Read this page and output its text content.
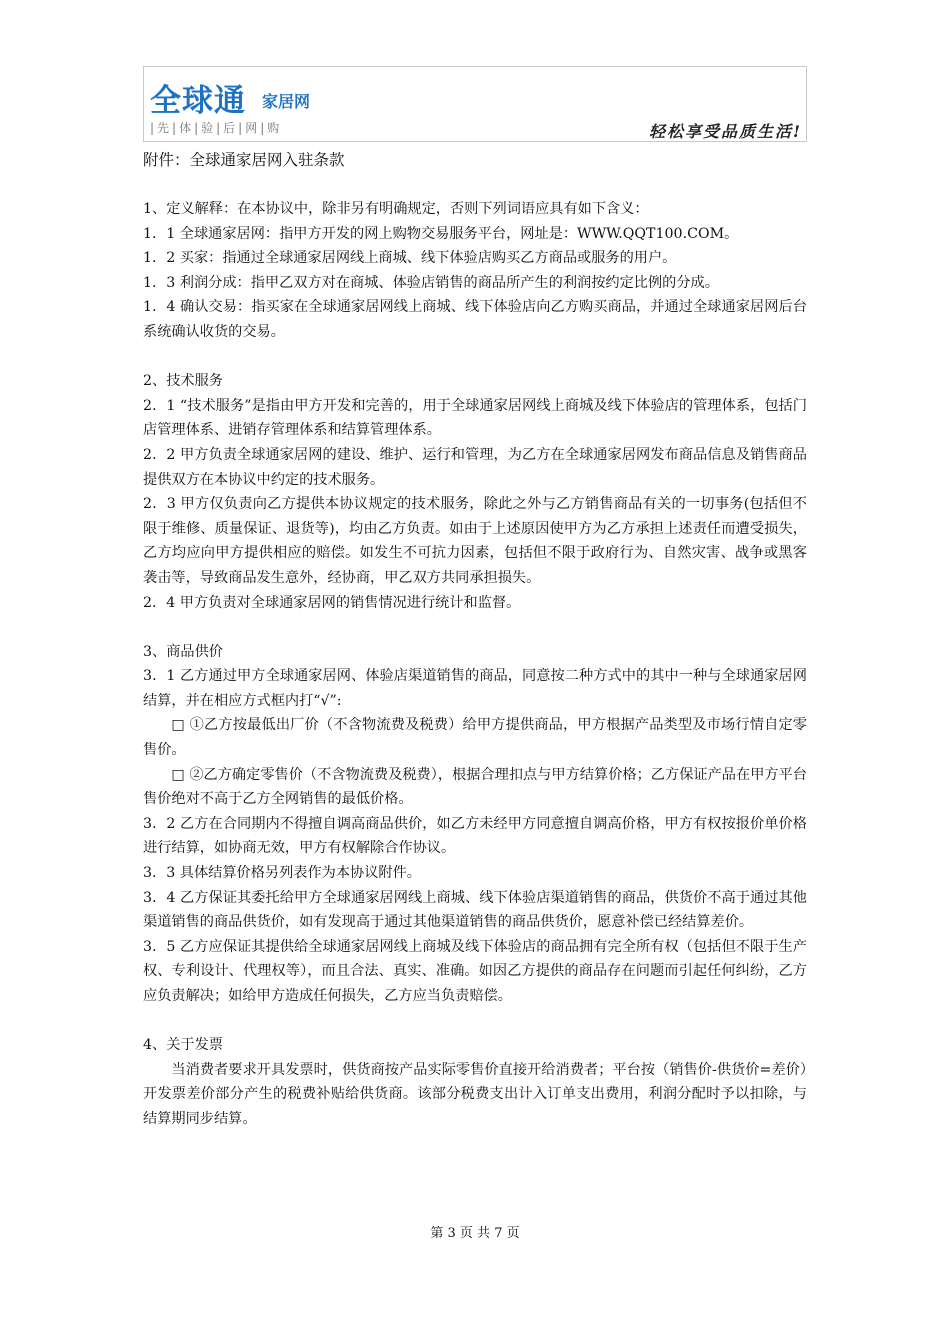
全球通 家居网
|先|体|验|后|网|购	轻松享受品质生活!
附件：全球通家居网入驻条款

1、定义解释：在本协议中，除非另有明确规定，否则下列词语应具有如下含义：

1．1 全球通家居网：指甲方开发的网上购物交易服务平台，网址是：WWW.QQT100.COM。

1．2 买家：指通过全球通家居网线上商城、线下体验店购买乙方商品或服务的用户。

1．3 利润分成：指甲乙双方对在商城、体验店销售的商品所产生的利润按约定比例的分成。

1．4 确认交易：指买家在全球通家居网线上商城、线下体验店向乙方购买商品，并通过全球通家居网后台系统确认收货的交易。

2、技术服务

2．1 “技术服务”是指由甲方开发和完善的，用于全球通家居网线上商城及线下体验店的管理体系，包括门店管理体系、进销存管理体系和结算管理体系。

2．2 甲方负责全球通家居网的建设、维护、运行和管理，为乙方在全球通家居网发布商品信息及销售商品提供双方在本协议中约定的技术服务。

2．3 甲方仅负责向乙方提供本协议规定的技术服务，除此之外与乙方销售商品有关的一切事务(包括但不限于维修、质量保证、退货等)，均由乙方负责。如由于上述原因使甲方为乙方承担上述责任而遭受损失，乙方均应向甲方提供相应的赔偿。如发生不可抗力因素，包括但不限于政府行为、自然灾害、战争或黑客袭击等，导致商品发生意外，经协商，甲乙双方共同承担损失。

2．4 甲方负责对全球通家居网的销售情况进行统计和监督。

3、商品供价

3．1 乙方通过甲方全球通家居网、体验店渠道销售的商品，同意按二种方式中的其中一种与全球通家居网结算，并在相应方式框内打“√”:

□ ①乙方按最低出厂价（不含物流费及税费）给甲方提供商品，甲方根据产品类型及市场行情自定零售价。

□ ②乙方确定零售价（不含物流费及税费），根据合理扣点与甲方结算价格；乙方保证产品在甲方平台售价绝对不高于乙方全网销售的最低价格。

3．2 乙方在合同期内不得擅自调高商品供价，如乙方未经甲方同意擅自调高价格，甲方有权按报价单价格进行结算，如协商无效，甲方有权解除合作协议。

3．3 具体结算价格另列表作为本协议附件。

3．4 乙方保证其委托给甲方全球通家居网线上商城、线下体验店渠道销售的商品，供货价不高于通过其他渠道销售的商品供货价，如有发现高于通过其他渠道销售的商品供货价，愿意补偿已经结算差价。

3．5 乙方应保证其提供给全球通家居网线上商城及线下体验店的商品拥有完全所有权（包括但不限于生产权、专利设计、代理权等），而且合法、真实、准确。如因乙方提供的商品存在问题而引起任何纠纷，乙方应负责解决；如给甲方造成任何损失，乙方应当负责赔偿。

4、关于发票

当消费者要求开具发票时，供货商按产品实际零售价直接开给消费者；平台按（销售价-供货价=差价）开发票差价部分产生的税费补贴给供货商。该部分税费支出计入订单支出费用，利润分配时予以扣除，与结算期同步结算。

第 3 页 共 7 页
